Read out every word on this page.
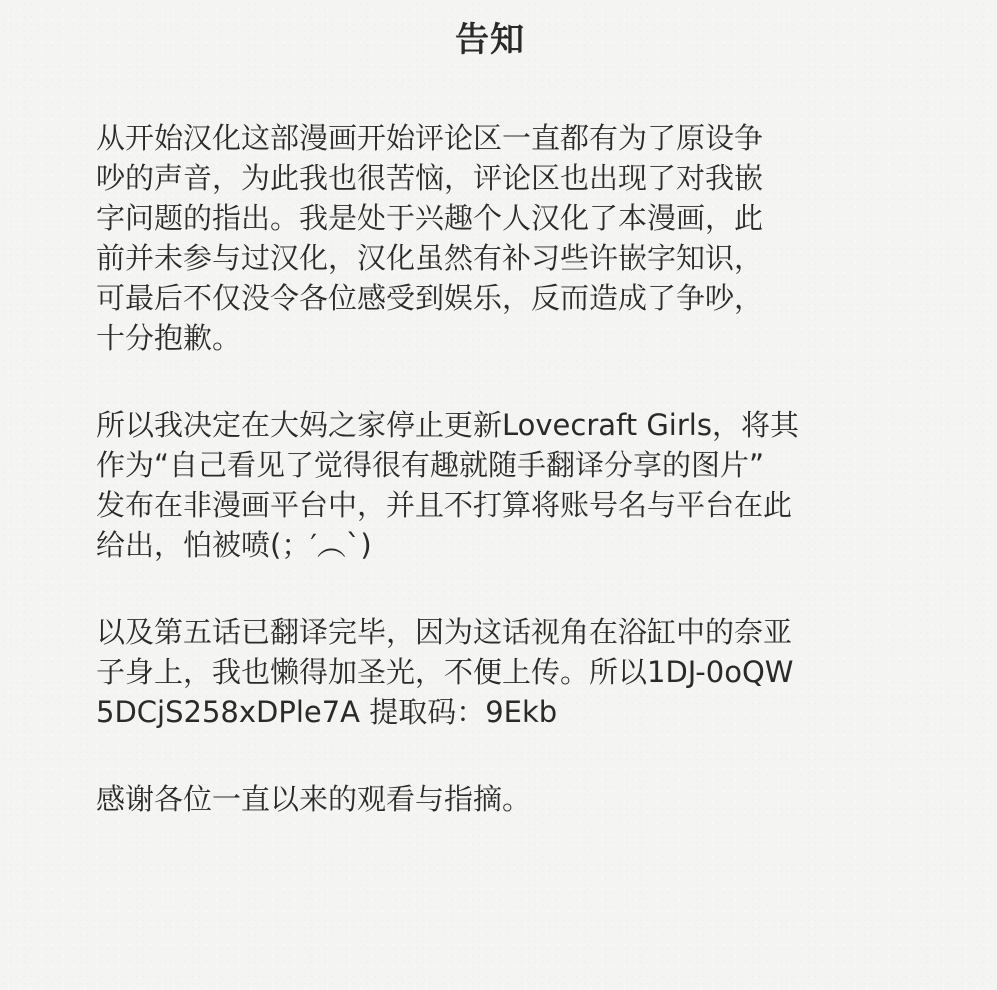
告知
从开始汉化这部漫画开始评论区一直都有为了原设争
吵的声音，为此我也很苦恼，评论区也出现了对我嵌
字问题的指出。我是处于兴趣个人汉化了本漫画，此
前并未参与过汉化，汉化虽然有补习些许嵌字知识，
可最后不仅没令各位感受到娱乐，反而造成了争吵，
十分抱歉。
所以我决定在大妈之家停止更新Lovecraft Girls，将其
作为“自己看见了觉得很有趣就随手翻译分享的图片”
发布在非漫画平台中，并且不打算将账号名与平台在此
给出，怕被喷(；′︵`)
以及第五话已翻译完毕，因为这话视角在浴缸中的奈亚
子身上，我也懒得加圣光，不便上传。所以1DJ-0oQW
5DCjS258xDPle7A 提取码：9Ekb
感谢各位一直以来的观看与指摘。
